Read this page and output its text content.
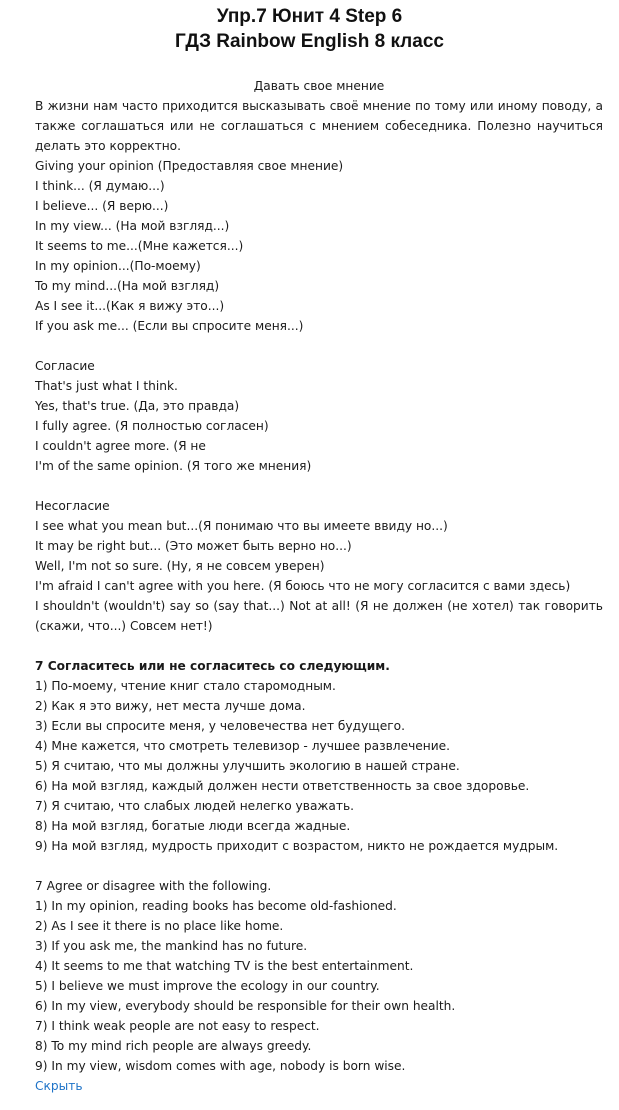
Упр.7 Юнит 4 Step 6
ГДЗ Rainbow English 8 класс
Давать свое мнение
В жизни нам часто приходится высказывать своё мнение по тому или иному поводу, а также соглашаться или не соглашаться с мнением собеседника. Полезно научиться делать это корректно.
Giving your opinion (Предоставляя свое мнение)
I think... (Я думаю...)
I believe... (Я верю...)
In my view... (На мой взгляд...)
It seems to me...(Мне кажется...)
In my opinion...(По-моему)
To my mind...(На мой взгляд)
As I see it...(Как я вижу это...)
If you ask me... (Если вы спросите меня...)
Согласие
That's just what I think.
Yes, that's true. (Да, это правда)
I fully agree. (Я полностью согласен)
I couldn't agree more. (Я не
I'm of the same opinion. (Я того же мнения)
Несогласие
I see what you mean but...(Я понимаю что вы имеете ввиду но...)
It may be right but... (Это может быть верно но...)
Well, I'm not so sure. (Ну, я не совсем уверен)
I'm afraid I can't agree with you here. (Я боюсь что не могу согласится с вами здесь)
I shouldn't (wouldn't) say so (say that...) Not at all! (Я не должен (не хотел) так говорить (скажи, что...) Совсем нет!)
7 Согласитесь или не согласитесь со следующим.
1) По-моему, чтение книг стало старомодным.
2) Как я это вижу, нет места лучше дома.
3) Если вы спросите меня, у человечества нет будущего.
4) Мне кажется, что смотреть телевизор - лучшее развлечение.
5) Я считаю, что мы должны улучшить экологию в нашей стране.
6) На мой взгляд, каждый должен нести ответственность за свое здоровье.
7) Я считаю, что слабых людей нелегко уважать.
8) На мой взгляд, богатые люди всегда жадные.
9) На мой взгляд, мудрость приходит с возрастом, никто не рождается мудрым.
7 Agree or disagree with the following.
1) In my opinion, reading books has become old-fashioned.
2) As I see it there is no place like home.
3) If you ask me, the mankind has no future.
4) It seems to me that watching TV is the best entertainment.
5) I believe we must improve the ecology in our country.
6) In my view, everybody should be responsible for their own health.
7) I think weak people are not easy to respect.
8) To my mind rich people are always greedy.
9) In my view, wisdom comes with age, nobody is born wise.
Скрыть
